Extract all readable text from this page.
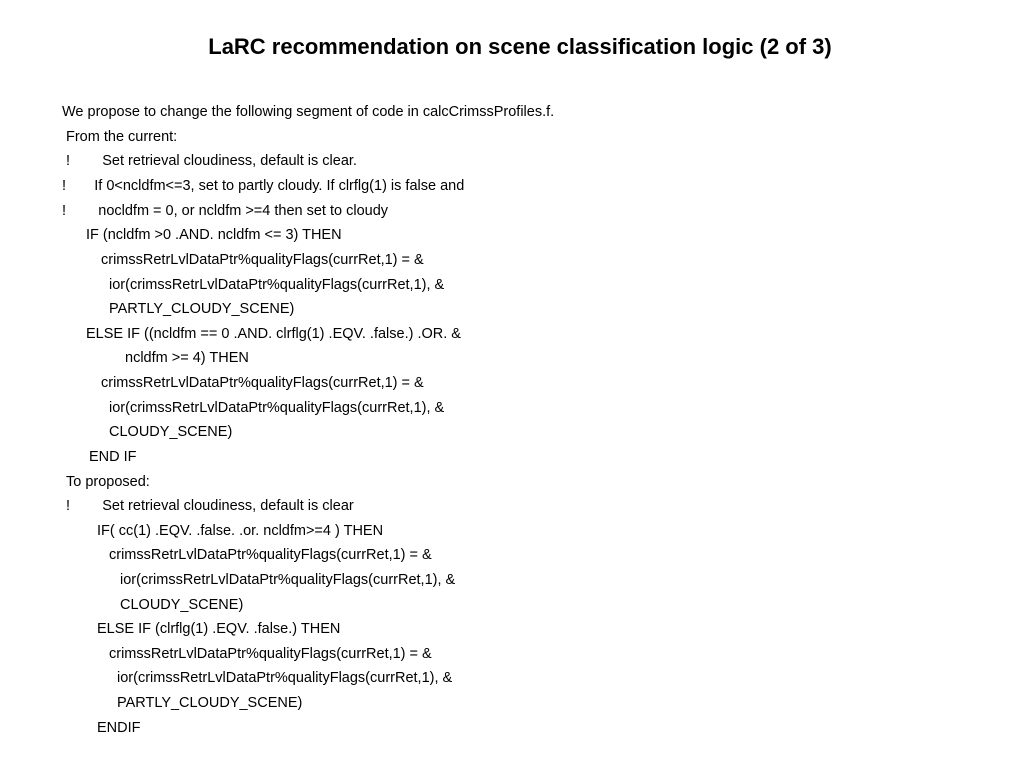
LaRC recommendation on scene classification logic (2 of 3)
We propose to change the following segment of code in calcCrimssProfiles.f.
From the current:
!        Set retrieval cloudiness, default is clear.
!       If 0<ncldfm<=3, set to partly cloudy. If clrflg(1) is false and
!        nocldfm = 0, or ncldfm >=4 then set to cloudy
IF (ncldfm >0 .AND. ncldfm <= 3) THEN
crimssRetrLvlDataPtr%qualityFlags(currRet,1) = &
ior(crimssRetrLvlDataPtr%qualityFlags(currRet,1), &
PARTLY_CLOUDY_SCENE)
ELSE IF ((ncldfm == 0 .AND. clrflg(1) .EQV. .false.) .OR. &
ncldfm >= 4) THEN
crimssRetrLvlDataPtr%qualityFlags(currRet,1) = &
ior(crimssRetrLvlDataPtr%qualityFlags(currRet,1), &
CLOUDY_SCENE)
END IF
To proposed:
!        Set retrieval cloudiness, default is clear
IF( cc(1) .EQV. .false. .or. ncldfm>=4 ) THEN
crimssRetrLvlDataPtr%qualityFlags(currRet,1) = &
ior(crimssRetrLvlDataPtr%qualityFlags(currRet,1), &
CLOUDY_SCENE)
ELSE IF (clrflg(1) .EQV. .false.) THEN
crimssRetrLvlDataPtr%qualityFlags(currRet,1) = &
ior(crimssRetrLvlDataPtr%qualityFlags(currRet,1), &
PARTLY_CLOUDY_SCENE)
ENDIF
